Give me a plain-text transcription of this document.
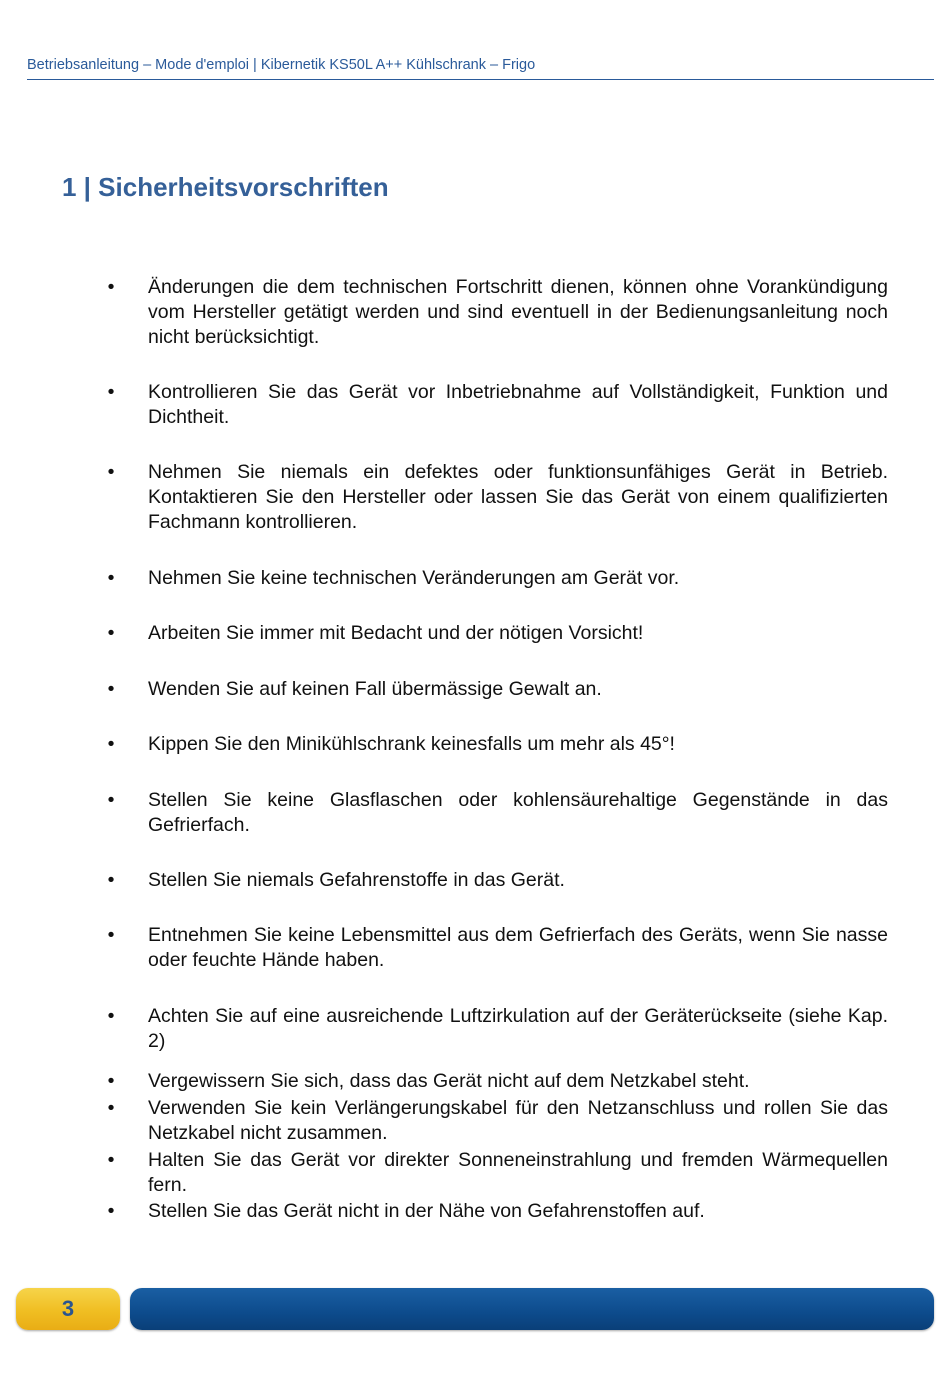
Betriebsanleitung – Mode d'emploi | Kibernetik KS50L A++ Kühlschrank – Frigo
1 | Sicherheitsvorschriften
• Änderungen die dem technischen Fortschritt dienen, können ohne Vorankündigung vom Hersteller getätigt werden und sind eventuell in der Bedienungsanleitung noch nicht berücksichtigt.
• Kontrollieren Sie das Gerät vor Inbetriebnahme auf Vollständigkeit, Funktion und Dichtheit.
• Nehmen Sie niemals ein defektes oder funktionsunfähiges Gerät in Betrieb. Kontaktieren Sie den Hersteller oder lassen Sie das Gerät von einem qualifizierten Fachmann kontrollieren.
• Nehmen Sie keine technischen Veränderungen am Gerät vor.
• Arbeiten Sie immer mit Bedacht und der nötigen Vorsicht!
• Wenden Sie auf keinen Fall übermässige Gewalt an.
• Kippen Sie den Minikühlschrank keinesfalls um mehr als 45°!
• Stellen Sie keine Glasflaschen oder kohlensäurehaltige Gegenstände in das Gefrierfach.
• Stellen Sie niemals Gefahrenstoffe in das Gerät.
• Entnehmen Sie keine Lebensmittel aus dem Gefrierfach des Geräts, wenn Sie nasse oder feuchte Hände haben.
• Achten Sie auf eine ausreichende Luftzirkulation auf der Geräterückseite (siehe Kap. 2)
• Vergewissern Sie sich, dass das Gerät nicht auf dem Netzkabel steht.
• Verwenden Sie kein Verlängerungskabel für den Netzanschluss und rollen Sie das Netzkabel nicht zusammen.
• Halten Sie das Gerät vor direkter Sonneneinstrahlung und fremden Wärmequellen fern.
• Stellen Sie das Gerät nicht in der Nähe von Gefahrenstoffen auf.
3
